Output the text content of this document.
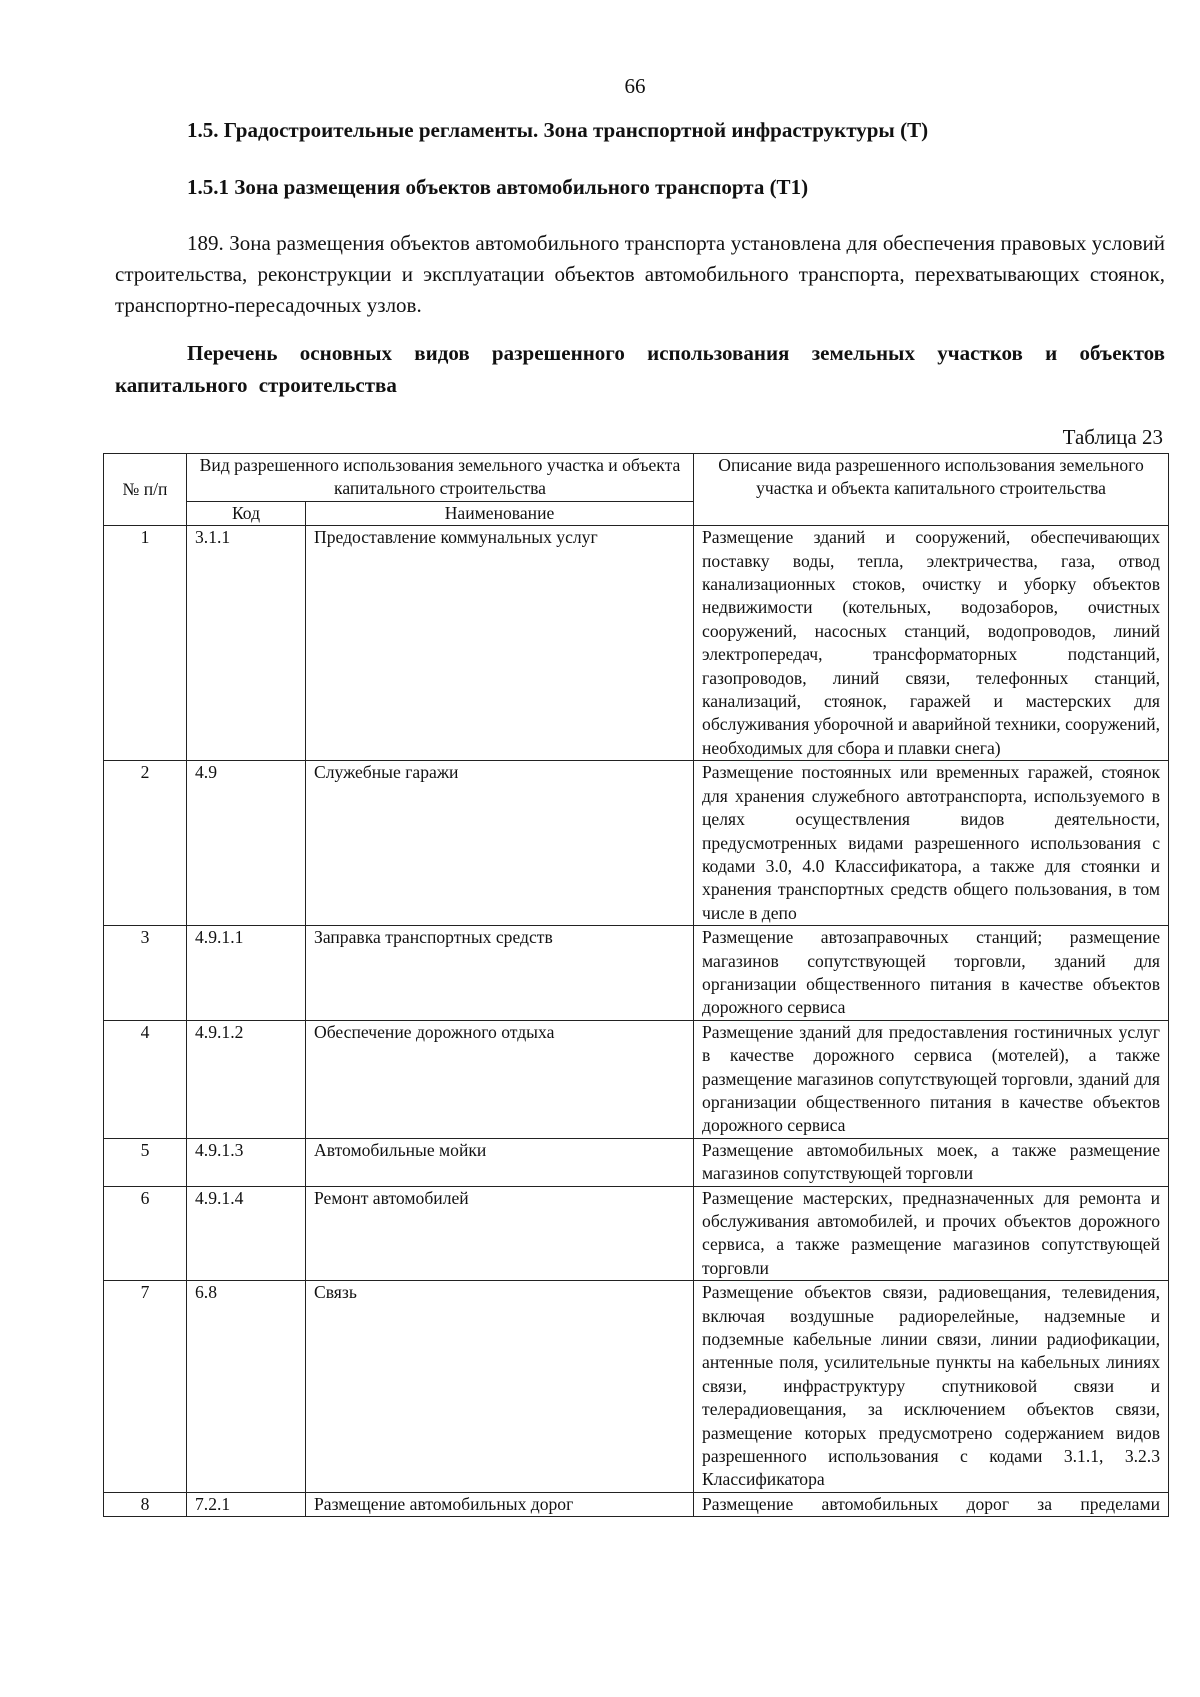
66
1.5. Градостроительные регламенты. Зона транспортной инфраструктуры (Т)
1.5.1 Зона размещения объектов автомобильного транспорта (Т1)
189. Зона размещения объектов автомобильного транспорта установлена для обеспечения правовых условий строительства, реконструкции и эксплуатации объектов автомобильного транспорта, перехватывающих стоянок, транспортно-пересадочных узлов.
Перечень основных видов разрешенного использования земельных участков и объектов капитального строительства
Таблица 23
№ п/п	Вид разрешенного использования земельного участка и объекта капитального строительства		Описание вида разрешенного использования земельного участка и объекта капитального строительства
	Код	Наименование	
1	3.1.1	Предоставление коммунальных услуг	Размещение зданий и сооружений, обеспечивающих поставку воды, тепла, электричества, газа, отвод канализационных стоков, очистку и уборку объектов недвижимости (котельных, водозаборов, очистных сооружений, насосных станций, водопроводов, линий электропередач, трансформаторных подстанций, газопроводов, линий связи, телефонных станций, канализаций, стоянок, гаражей и мастерских для обслуживания уборочной и аварийной техники, сооружений, необходимых для сбора и плавки снега)
2	4.9	Служебные гаражи	Размещение постоянных или временных гаражей, стоянок для хранения служебного автотранспорта, используемого в целях осуществления видов деятельности, предусмотренных видами разрешенного использования с кодами 3.0, 4.0 Классификатора, а также для стоянки и хранения транспортных средств общего пользования, в том числе в депо
3	4.9.1.1	Заправка транспортных средств	Размещение автозаправочных станций; размещение магазинов сопутствующей торговли, зданий для организации общественного питания в качестве объектов дорожного сервиса
4	4.9.1.2	Обеспечение дорожного отдыха	Размещение зданий для предоставления гостиничных услуг в качестве дорожного сервиса (мотелей), а также размещение магазинов сопутствующей торговли, зданий для организации общественного питания в качестве объектов дорожного сервиса
5	4.9.1.3	Автомобильные мойки	Размещение автомобильных моек, а также размещение магазинов сопутствующей торговли
6	4.9.1.4	Ремонт автомобилей	Размещение мастерских, предназначенных для ремонта и обслуживания автомобилей, и прочих объектов дорожного сервиса, а также размещение магазинов сопутствующей торговли
7	6.8	Связь	Размещение объектов связи, радиовещания, телевидения, включая воздушные радиорелейные, надземные и подземные кабельные линии связи, линии радиофикации, антенные поля, усилительные пункты на кабельных линиях связи, инфраструктуру спутниковой связи и телерадиовещания, за исключением объектов связи, размещение которых предусмотрено содержанием видов разрешенного использования с кодами 3.1.1, 3.2.3 Классификатора
8	7.2.1	Размещение автомобильных дорог	Размещение автомобильных дорог за пределами
